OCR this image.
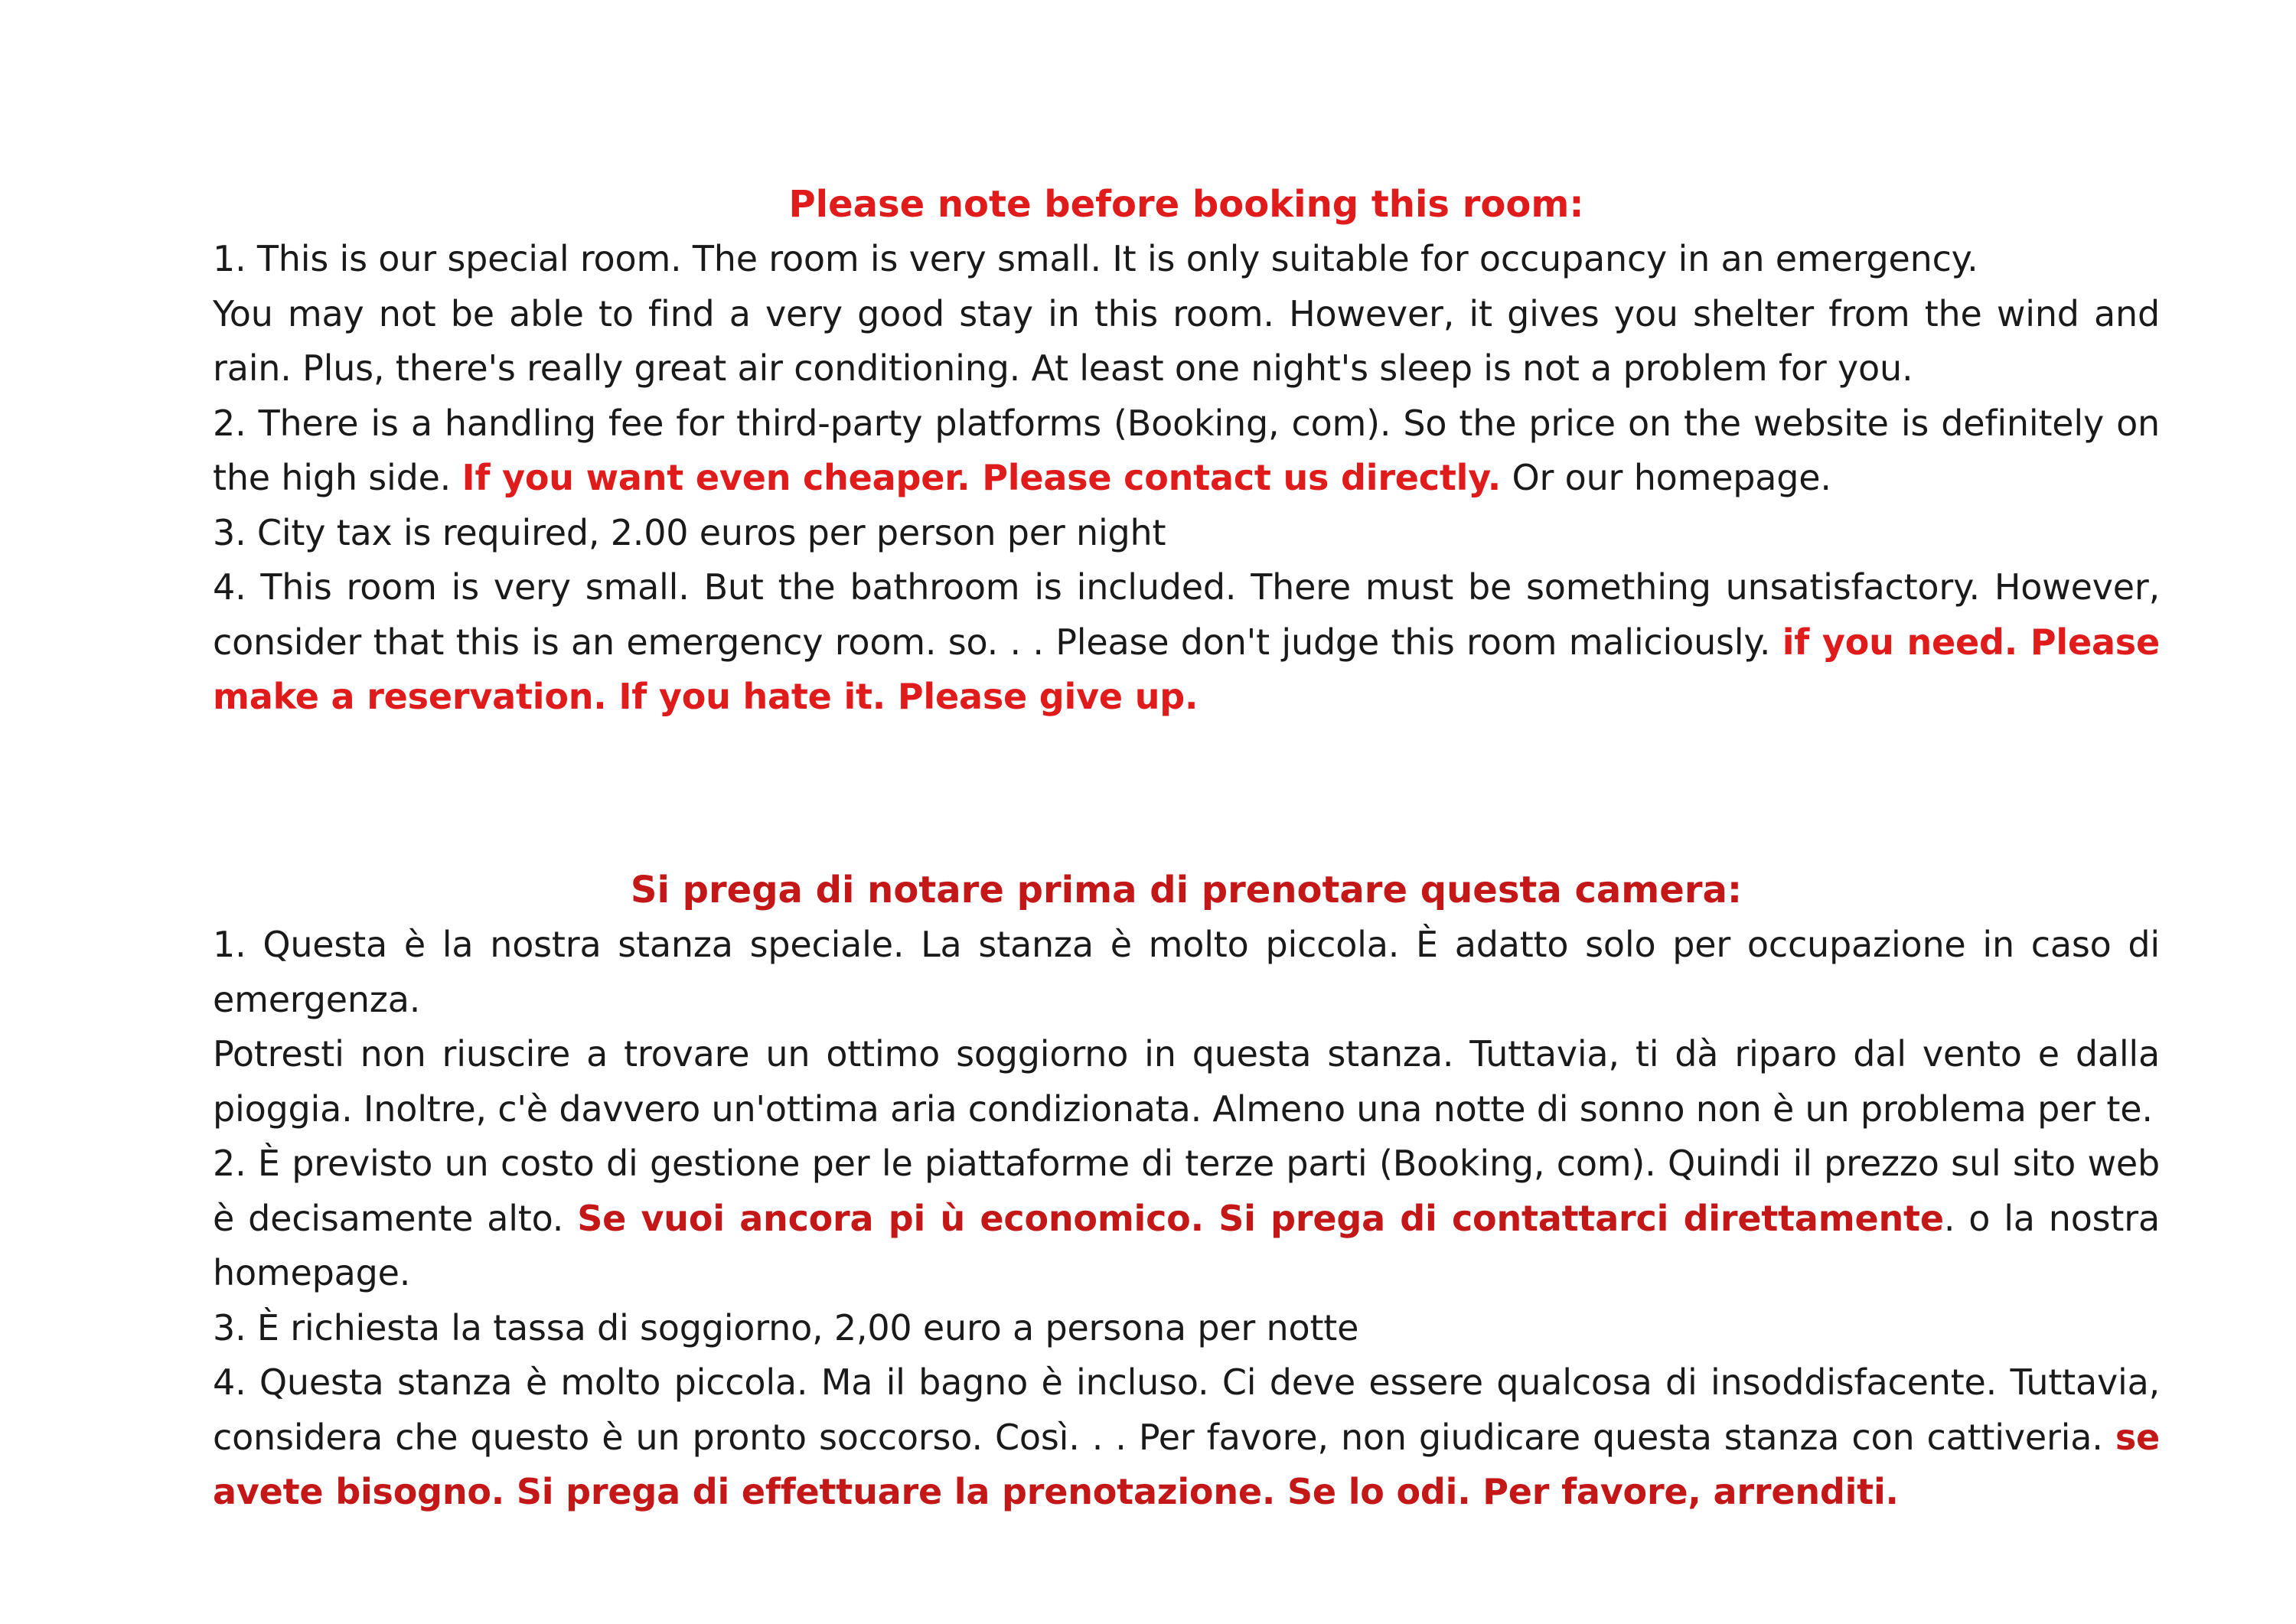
Please note before booking this room:

1. This is our special room. The room is very small. It is only suitable for occupancy in an emergency.

You may not be able to find a very good stay in this room. However, it gives you shelter from the wind and rain. Plus, there's really great air conditioning. At least one night's sleep is not a problem for you.

2. There is a handling fee for third-party platforms (Booking, com). So the price on the website is definitely on the high side. If you want even cheaper. Please contact us directly. Or our homepage.

3. City tax is required, 2.00 euros per person per night

4. This room is very small. But the bathroom is included. There must be something unsatisfactory. However, consider that this is an emergency room. so. . . Please don't judge this room maliciously. if you need. Please make a reservation. If you hate it. Please give up.

Si prega di notare prima di prenotare questa camera:

1. Questa è la nostra stanza speciale. La stanza è molto piccola. È adatto solo per occupazione in caso di emergenza.

Potresti non riuscire a trovare un ottimo soggiorno in questa stanza. Tuttavia, ti dà riparo dal vento e dalla pioggia. Inoltre, c'è davvero un'ottima aria condizionata. Almeno una notte di sonno non è un problema per te.

2. È previsto un costo di gestione per le piattaforme di terze parti (Booking, com). Quindi il prezzo sul sito web è decisamente alto. Se vuoi ancora pi ù economico. Si prega di contattarci direttamente. o la nostra homepage.

3. È richiesta la tassa di soggiorno, 2,00 euro a persona per notte

4. Questa stanza è molto piccola. Ma il bagno è incluso. Ci deve essere qualcosa di insoddisfacente. Tuttavia, considera che questo è un pronto soccorso. Così. . . Per favore, non giudicare questa stanza con cattiveria. se avete bisogno. Si prega di effettuare la prenotazione. Se lo odi. Per favore, arrenditi.
